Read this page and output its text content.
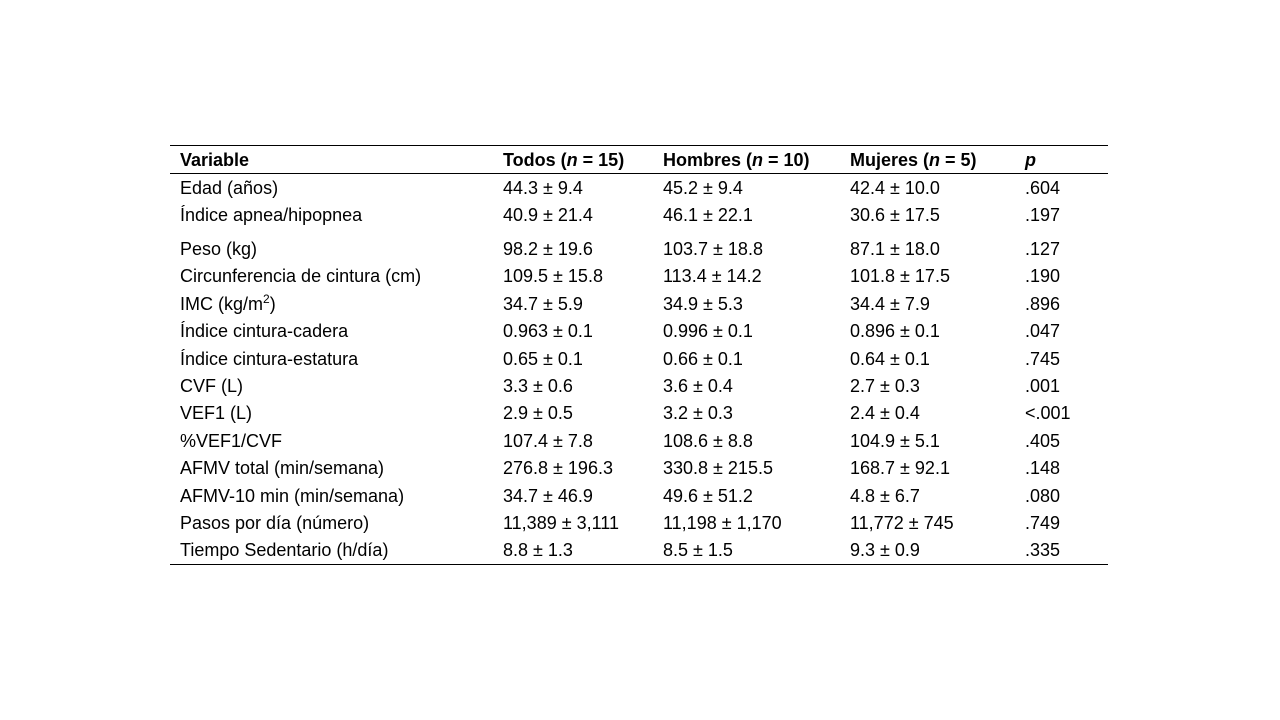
Variable	Todos (n = 15)	Hombres (n = 10)	Mujeres (n = 5)	p
Edad (años)	44.3 ± 9.4	45.2 ± 9.4	42.4 ± 10.0	.604
Índice apnea/hipopnea	40.9 ± 21.4	46.1 ± 22.1	30.6 ± 17.5	.197
Peso (kg)	98.2 ± 19.6	103.7 ± 18.8	87.1 ± 18.0	.127
Circunferencia de cintura (cm)	109.5 ± 15.8	113.4 ± 14.2	101.8 ± 17.5	.190
IMC $(kg/m^2)$	34.7 ± 5.9	34.9 ± 5.3	34.4 ± 7.9	.896
Índice cintura-cadera	0.963 ± 0.1	0.996 ± 0.1	0.896 ± 0.1	.047
Índice cintura-estatura	0.65 ± 0.1	0.66 ± 0.1	0.64 ± 0.1	.745
CVF (L)	3.3 ± 0.6	3.6 ± 0.4	2.7 ± 0.3	.001
VEF1 (L)	2.9 ± 0.5	3.2 ± 0.3	2.4 ± 0.4	<.001
%VEF1/CVF	107.4 ± 7.8	108.6 ± 8.8	104.9 ± 5.1	.405
AFMV total (min/semana)	276.8 ± 196.3	330.8 ± 215.5	168.7 ± 92.1	.148
AFMV-10 min (min/semana)	34.7 ± 46.9	49.6 ± 51.2	4.8 ± 6.7	.080
Pasos por día (número)	11,389 ± 3,111	11,198 ± 1,170	11,772 ± 745	.749
Tiempo Sedentario (h/día)	8.8 ± 1.3	8.5 ± 1.5	9.3 ± 0.9	.335
